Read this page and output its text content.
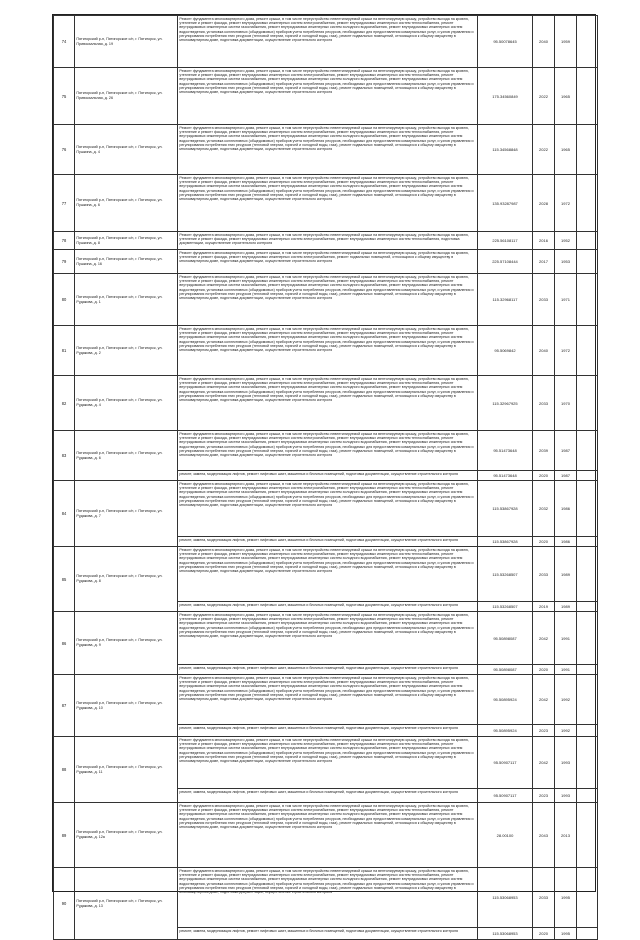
74	Пятигорский р-н, Пятигорское с/п, г. Пятигорск, ул. Привокзальная, д. 19	Ремонт фундамента многоквартирного дома, ремонт крыши, в том числе переустройство невентилируемой крыши на вентилируемую крышу, устройство выхода на кровлю, утепление и ремонт фасада, ремонт внутридомовых инженерных систем электроснабжения, ремонт внутридомовых инженерных систем теплоснабжения, ремонт внутридомовых инженерных систем газоснабжения, ремонт внутридомовых инженерных систем холодного водоснабжения, ремонт внутридомовых инженерных систем водоотведения, установка коллективных (общедомовых) приборов учета потребления ресурсов, необходимых для предоставления коммунальных услуг, и узлов управления и регулирования потребления этих ресурсов (тепловой энергии, горячей и холодной воды, газа), ремонт подвальных помещений, относящихся к общему имуществу в многоквартирном доме, подготовка документации, осуществление строительного контроля	95.50078645	2040	1959	
75	Пятигорский р-н, Пятигорское с/п, г. Пятигорск, ул. Привокзальная, д. 26	Ремонт фундамента многоквартирного дома, ремонт крыши, в том числе переустройство невентилируемой крыши на вентилируемую крышу, устройство выхода на кровлю, утепление и ремонт фасада, ремонт внутридомовых инженерных систем электроснабжения, ремонт внутридомовых инженерных систем теплоснабжения, ремонт внутридомовых инженерных систем газоснабжения, ремонт внутридомовых инженерных систем холодного водоснабжения, ремонт внутридомовых инженерных систем водоотведения, установка коллективных (общедомовых) приборов учета потребления ресурсов, необходимых для предоставления коммунальных услуг, и узлов управления и регулирования потребления этих ресурсов (тепловой энергии, горячей и холодной воды, газа), ремонт подвальных помещений, относящихся к общему имуществу в многоквартирном доме, подготовка документации, осуществление строительного контроля	175.34560849	2022	1965	
76	Пятигорский р-н, Пятигорское с/п, г. Пятигорск, ул. Пушкина, д. 4	Ремонт фундамента многоквартирного дома, ремонт крыши, в том числе переустройство невентилируемой крыши на вентилируемую крышу, устройство выхода на кровлю, утепление и ремонт фасада, ремонт внутридомовых инженерных систем электроснабжения, ремонт внутридомовых инженерных систем теплоснабжения, ремонт внутридомовых инженерных систем газоснабжения, ремонт внутридомовых инженерных систем холодного водоснабжения, ремонт внутридомовых инженерных систем водоотведения, установка коллективных (общедомовых) приборов учета потребления ресурсов, необходимых для предоставления коммунальных услуг, и узлов управления и регулирования потребления этих ресурсов (тепловой энергии, горячей и холодной воды, газа), ремонт подвальных помещений, относящихся к общему имуществу в многоквартирном доме, подготовка документации, осуществление строительного контроля	115.34568848	2022	1965	
77	Пятигорский р-н, Пятигорское с/п, г. Пятигорск, ул. Пушкина, д. 6	Ремонт фундамента многоквартирного дома, ремонт крыши, в том числе переустройство невентилируемой крыши на вентилируемую крышу, устройство выхода на кровлю, утепление и ремонт фасада, ремонт внутридомовых инженерных систем электроснабжения, ремонт внутридомовых инженерных систем теплоснабжения, ремонт внутридомовых инженерных систем газоснабжения, ремонт внутридомовых инженерных систем холодного водоснабжения, ремонт внутридомовых инженерных систем водоотведения, установка коллективных (общедомовых) приборов учета потребления ресурсов, необходимых для предоставления коммунальных услуг, и узлов управления и регулирования потребления этих ресурсов (тепловой энергии, горячей и холодной воды, газа), ремонт подвальных помещений, относящихся к общему имуществу в многоквартирном доме, подготовка документации, осуществление строительного контроля	135.93287987	2028	1972	
78	Пятигорский р-н, Пятигорское с/п, г. Пятигорск, ул. Пушкина, д. 8	Ремонт фундамента многоквартирного дома, ремонт крыши, в том числе переустройство невентилируемой крыши на вентилируемую крышу, устройство выхода на кровлю, утепление и ремонт фасада, ремонт внутридомовых инженерных систем электроснабжения, ремонт внутридомовых инженерных систем теплоснабжения, подготовка документации, осуществление строительного контроля	225.56108117	2016	1952	
79	Пятигорский р-н, Пятигорское с/п, г. Пятигорск, ул. Пушкина, д. 16	Ремонт фундамента многоквартирного дома, ремонт крыши, в том числе переустройство невентилируемой крыши на вентилируемую крышу, устройство выхода на кровлю, утепление и ремонт фасада, ремонт внутридомовых инженерных систем электроснабжения, ремонт подвальных помещений, относящихся к общему имуществу в многоквартирном доме, подготовка документации, осуществление строительного контроля	225.57108444	2017	1953	
80	Пятигорский р-н, Пятигорское с/п, г. Пятигорск, ул. Рудакова, д. 1	Ремонт фундамента многоквартирного дома, ремонт крыши, в том числе переустройство невентилируемой крыши на вентилируемую крышу, устройство выхода на кровлю, утепление и ремонт фасада, ремонт внутридомовых инженерных систем электроснабжения, ремонт внутридомовых инженерных систем теплоснабжения, ремонт внутридомовых инженерных систем газоснабжения, ремонт внутридомовых инженерных систем холодного водоснабжения, ремонт внутридомовых инженерных систем водоотведения, установка коллективных (общедомовых) приборов учета потребления ресурсов, необходимых для предоставления коммунальных услуг, и узлов управления и регулирования потребления этих ресурсов (тепловой энергии, горячей и холодной воды, газа), ремонт подвальных помещений, относящихся к общему имуществу в многоквартирном доме, подготовка документации, осуществление строительного контроля	115.32968117	2033	1971	
81	Пятигорский р-н, Пятигорское с/п, г. Пятигорск, ул. Рудакова, д. 2	Ремонт фундамента многоквартирного дома, ремонт крыши, в том числе переустройство невентилируемой крыши на вентилируемую крышу, устройство выхода на кровлю, утепление и ремонт фасада, ремонт внутридомовых инженерных систем электроснабжения, ремонт внутридомовых инженерных систем теплоснабжения, ремонт внутридомовых инженерных систем газоснабжения, ремонт внутридомовых инженерных систем холодного водоснабжения, ремонт внутридомовых инженерных систем водоотведения, установка коллективных (общедомовых) приборов учета потребления ресурсов, необходимых для предоставления коммунальных услуг, и узлов управления и регулирования потребления этих ресурсов (тепловой энергии, горячей и холодной воды, газа), ремонт подвальных помещений, относящихся к общему имуществу в многоквартирном доме, подготовка документации, осуществление строительного контроля	95.5069842	2040	1972	
82	Пятигорский р-н, Пятигорское с/п, г. Пятигорск, ул. Рудакова, д. 4	Ремонт фундамента многоквартирного дома, ремонт крыши, в том числе переустройство невентилируемой крыши на вентилируемую крышу, устройство выхода на кровлю, утепление и ремонт фасада, ремонт внутридомовых инженерных систем электроснабжения, ремонт внутридомовых инженерных систем теплоснабжения, ремонт внутридомовых инженерных систем газоснабжения, ремонт внутридомовых инженерных систем холодного водоснабжения, ремонт внутридомовых инженерных систем водоотведения, установка коллективных (общедомовых) приборов учета потребления ресурсов, необходимых для предоставления коммунальных услуг, и узлов управления и регулирования потребления этих ресурсов (тепловой энергии, горячей и холодной воды, газа), ремонт подвальных помещений, относящихся к общему имуществу в многоквартирном доме, подготовка документации, осуществление строительного контроля	115.32967925	2033	1970	
83	Пятигорский р-н, Пятигорское с/п, г. Пятигорск, ул. Рудакова, д. 6	Ремонт фундамента многоквартирного дома, ремонт крыши, в том числе переустройство невентилируемой крыши на вентилируемую крышу, устройство выхода на кровлю, утепление и ремонт фасада, ремонт внутридомовых инженерных систем электроснабжения, ремонт внутридомовых инженерных систем теплоснабжения, ремонт внутридомовых инженерных систем газоснабжения, ремонт внутридомовых инженерных систем холодного водоснабжения, ремонт внутридомовых инженерных систем водоотведения, установка коллективных (общедомовых) приборов учета потребления ресурсов, необходимых для предоставления коммунальных услуг, и узлов управления и регулирования потребления этих ресурсов (тепловой энергии, горячей и холодной воды, газа), ремонт подвальных помещений, относящихся к общему имуществу в многоквартирном доме, подготовка документации, осуществление строительного контроля	95.51473648	2039	1987	
		ремонт, замена, модернизация лифтов, ремонт лифтовых шахт, машинных и блочных помещений, подготовка документации, осуществление строительного контроля	95.51473648	2020	1987	
84	Пятигорский р-н, Пятигорское с/п, г. Пятигорск, ул. Рудакова, д. 7	Ремонт фундамента многоквартирного дома, ремонт крыши, в том числе переустройство невентилируемой крыши на вентилируемую крышу, устройство выхода на кровлю, утепление и ремонт фасада, ремонт внутридомовых инженерных систем электроснабжения, ремонт внутридомовых инженерных систем теплоснабжения, ремонт внутридомовых инженерных систем газоснабжения, ремонт внутридомовых инженерных систем холодного водоснабжения, ремонт внутридомовых инженерных систем водоотведения, установка коллективных (общедомовых) приборов учета потребления ресурсов, необходимых для предоставления коммунальных услуг, и узлов управления и регулирования потребления этих ресурсов (тепловой энергии, горячей и холодной воды, газа), ремонт подвальных помещений, относящихся к общему имуществу в многоквартирном доме, подготовка документации, осуществление строительного контроля	115.53867928	2032	1986	
		ремонт, замена, модернизация лифтов, ремонт лифтовых шахт, машинных и блочных помещений, подготовка документации, осуществление строительного контроля	115.53867928	2020	1986	
85	Пятигорский р-н, Пятигорское с/п, г. Пятигорск, ул. Рудакова, д. 8	Ремонт фундамента многоквартирного дома, ремонт крыши, в том числе переустройство невентилируемой крыши на вентилируемую крышу, устройство выхода на кровлю, утепление и ремонт фасада, ремонт внутридомовых инженерных систем электроснабжения, ремонт внутридомовых инженерных систем теплоснабжения, ремонт внутридомовых инженерных систем газоснабжения, ремонт внутридомовых инженерных систем холодного водоснабжения, ремонт внутридомовых инженерных систем водоотведения, установка коллективных (общедомовых) приборов учета потребления ресурсов, необходимых для предоставления коммунальных услуг, и узлов управления и регулирования потребления этих ресурсов (тепловой энергии, горячей и холодной воды, газа), ремонт подвальных помещений, относящихся к общему имуществу в многоквартирном доме, подготовка документации, осуществление строительного контроля	115.53268507	2033	1989	
		ремонт, замена, модернизация лифтов, ремонт лифтовых шахт, машинных и блочных помещений, подготовка документации, осуществление строительного контроля	115.53268507	2019	1989	
86	Пятигорский р-н, Пятигорское с/п, г. Пятигорск, ул. Рудакова, д. 9	Ремонт фундамента многоквартирного дома, ремонт крыши, в том числе переустройство невентилируемой крыши на вентилируемую крышу, устройство выхода на кровлю, утепление и ремонт фасада, ремонт внутридомовых инженерных систем электроснабжения, ремонт внутридомовых инженерных систем теплоснабжения, ремонт внутридомовых инженерных систем газоснабжения, ремонт внутридомовых инженерных систем холодного водоснабжения, ремонт внутридомовых инженерных систем водоотведения, установка коллективных (общедомовых) приборов учета потребления ресурсов, необходимых для предоставления коммунальных услуг, и узлов управления и регулирования потребления этих ресурсов (тепловой энергии, горячей и холодной воды, газа), ремонт подвальных помещений, относящихся к общему имуществу в многоквартирном доме, подготовка документации, осуществление строительного контроля	95.50898087	2042	1991	
		ремонт, замена, модернизация лифтов, ремонт лифтовых шахт, машинных и блочных помещений, подготовка документации, осуществление строительного контроля	95.50898087	2020	1991	
87	Пятигорский р-н, Пятигорское с/п, г. Пятигорск, ул. Рудакова, д. 10	Ремонт фундамента многоквартирного дома, ремонт крыши, в том числе переустройство невентилируемой крыши на вентилируемую крышу, устройство выхода на кровлю, утепление и ремонт фасада, ремонт внутридомовых инженерных систем электроснабжения, ремонт внутридомовых инженерных систем теплоснабжения, ремонт внутридомовых инженерных систем газоснабжения, ремонт внутридомовых инженерных систем холодного водоснабжения, ремонт внутридомовых инженерных систем водоотведения, установка коллективных (общедомовых) приборов учета потребления ресурсов, необходимых для предоставления коммунальных услуг, и узлов управления и регулирования потребления этих ресурсов (тепловой энергии, горячей и холодной воды, газа), ремонт подвальных помещений, относящихся к общему имуществу в многоквартирном доме, подготовка документации, осуществление строительного контроля	95.50895924	2042	1992	
		ремонт, замена, модернизация лифтов, ремонт лифтовых шахт, машинных и блочных помещений, подготовка документации, осуществление строительного контроля	95.50895924	2023	1992	
88	Пятигорский р-н, Пятигорское с/п, г. Пятигорск, ул. Рудакова, д. 11	Ремонт фундамента многоквартирного дома, ремонт крыши, в том числе переустройство невентилируемой крыши на вентилируемую крышу, устройство выхода на кровлю, утепление и ремонт фасада, ремонт внутридомовых инженерных систем электроснабжения, ремонт внутридомовых инженерных систем теплоснабжения, ремонт внутридомовых инженерных систем газоснабжения, ремонт внутридомовых инженерных систем холодного водоснабжения, ремонт внутридомовых инженерных систем водоотведения, установка коллективных (общедомовых) приборов учета потребления ресурсов, необходимых для предоставления коммунальных услуг, и узлов управления и регулирования потребления этих ресурсов (тепловой энергии, горячей и холодной воды, газа), ремонт подвальных помещений, относящихся к общему имуществу в многоквартирном доме, подготовка документации, осуществление строительного контроля	95.50907117	2042	1993	
		ремонт, замена, модернизация лифтов, ремонт лифтовых шахт, машинных и блочных помещений, подготовка документации, осуществление строительного контроля	95.50907117	2023	1993	
89	Пятигорский р-н, Пятигорское с/п, г. Пятигорск, ул. Рудакова, д. 12а	Ремонт фундамента многоквартирного дома, ремонт крыши, в том числе переустройство невентилируемой крыши на вентилируемую крышу, устройство выхода на кровлю, утепление и ремонт фасада, ремонт внутридомовых инженерных систем электроснабжения, ремонт внутридомовых инженерных систем теплоснабжения, ремонт внутридомовых инженерных систем газоснабжения, ремонт внутридомовых инженерных систем холодного водоснабжения, ремонт внутридомовых инженерных систем водоотведения, установка коллективных (общедомовых) приборов учета потребления ресурсов, необходимых для предоставления коммунальных услуг, и узлов управления и регулирования потребления этих ресурсов (тепловой энергии, горячей и холодной воды, газа), ремонт подвальных помещений, относящихся к общему имуществу в многоквартирном доме, подготовка документации, осуществление строительного контроля	28.00100	2043	2013	
90	Пятигорский р-н, Пятигорское с/п, г. Пятигорск, ул. Рудакова, д. 13	Ремонт фундамента многоквартирного дома, ремонт крыши, в том числе переустройство невентилируемой крыши на вентилируемую крышу, устройство выхода на кровлю, утепление и ремонт фасада, ремонт внутридомовых инженерных систем электроснабжения, ремонт внутридомовых инженерных систем теплоснабжения, ремонт внутридомовых инженерных систем газоснабжения, ремонт внутридомовых инженерных систем холодного водоснабжения, ремонт внутридомовых инженерных систем водоотведения, установка коллективных (общедомовых) приборов учета потребления ресурсов, необходимых для предоставления коммунальных услуг, и узлов управления и регулирования потребления этих ресурсов (тепловой энергии, горячей и холодной воды, газа), ремонт подвальных помещений, относящихся к общему имуществу в многоквартирном доме, подготовка документации, осуществление строительного контроля	115.53068953	2033	1995	
		ремонт, замена, модернизация лифтов, ремонт лифтовых шахт, машинных и блочных помещений, подготовка документации, осуществление строительного контроля	115.53068953	2020	1995	
